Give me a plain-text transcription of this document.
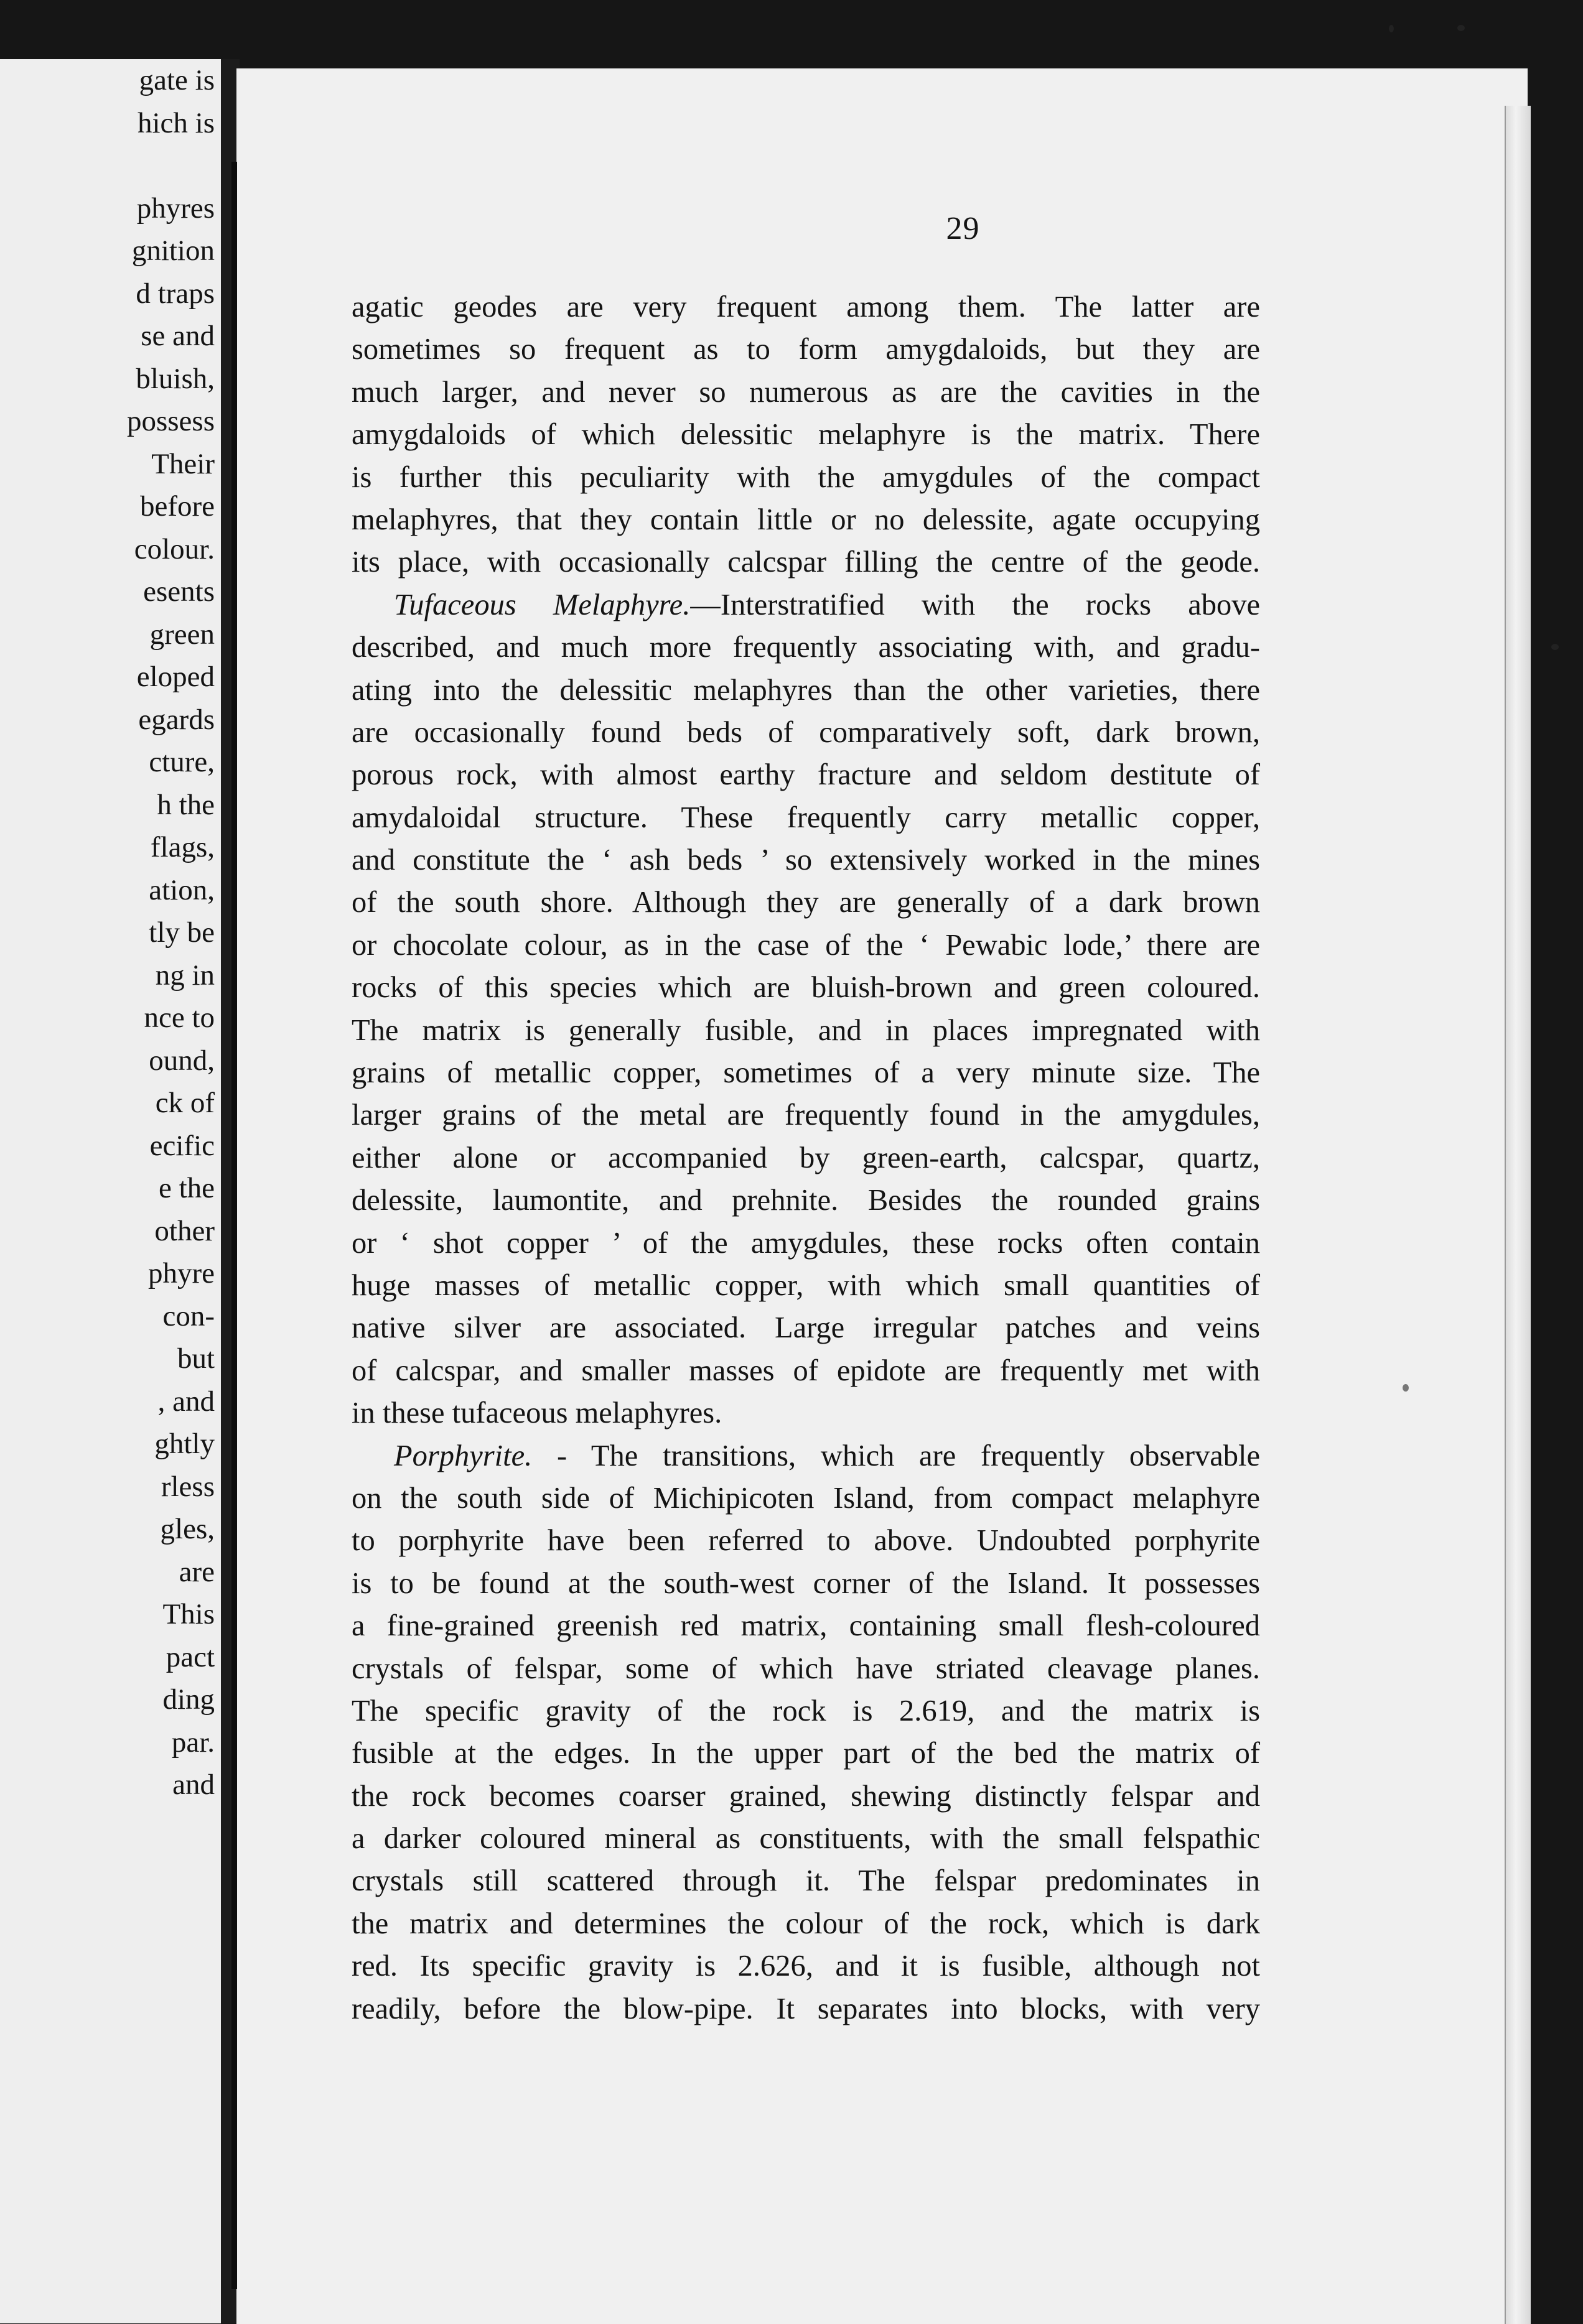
gate is
hich is
phyres
gnition
d traps
se and
bluish,
possess
Their
before
colour.
esents
green
eloped
egards
cture,
h the
flags,
ation,
tly be
ng in
nce to
ound,
ck of
ecific
e the
other
phyre
con-
but
, and
ghtly
rless
gles,
are
This
pact
ding
par.
and
29
agatic geodes are very frequent among them. The latter are
sometimes so frequent as to form amygdaloids, but they are
much larger, and never so numerous as are the cavities in the
amygdaloids of which delessitic melaphyre is the matrix. There
is further this peculiarity with the amygdules of the compact
melaphyres, that they contain little or no delessite, agate occupying
its place, with occasionally calcspar filling the centre of the geode.
Tufaceous Melaphyre.—Interstratified with the rocks above
described, and much more frequently associating with, and gradu-
ating into the delessitic melaphyres than the other varieties, there
are occasionally found beds of comparatively soft, dark brown,
porous rock, with almost earthy fracture and seldom destitute of
amydaloidal structure. These frequently carry metallic copper,
and constitute the ‘ ash beds ’ so extensively worked in the mines
of the south shore. Although they are generally of a dark brown
or chocolate colour, as in the case of the ‘ Pewabic lode,’ there are
rocks of this species which are bluish-brown and green coloured.
The matrix is generally fusible, and in places impregnated with
grains of metallic copper, sometimes of a very minute size. The
larger grains of the metal are frequently found in the amygdules,
either alone or accompanied by green-earth, calcspar, quartz,
delessite, laumontite, and prehnite. Besides the rounded grains
or ‘ shot copper ’ of the amygdules, these rocks often contain
huge masses of metallic copper, with which small quantities of
native silver are associated. Large irregular patches and veins
of calcspar, and smaller masses of epidote are frequently met with
in these tufaceous melaphyres.
Porphyrite. - The transitions, which are frequently observable
on the south side of Michipicoten Island, from compact melaphyre
to porphyrite have been referred to above. Undoubted porphyrite
is to be found at the south-west corner of the Island. It possesses
a fine-grained greenish red matrix, containing small flesh-coloured
crystals of felspar, some of which have striated cleavage planes.
The specific gravity of the rock is 2.619, and the matrix is
fusible at the edges. In the upper part of the bed the matrix of
the rock becomes coarser grained, shewing distinctly felspar and
a darker coloured mineral as constituents, with the small felspathic
crystals still scattered through it. The felspar predominates in
the matrix and determines the colour of the rock, which is dark
red. Its specific gravity is 2.626, and it is fusible, although not
readily, before the blow-pipe. It separates into blocks, with very
